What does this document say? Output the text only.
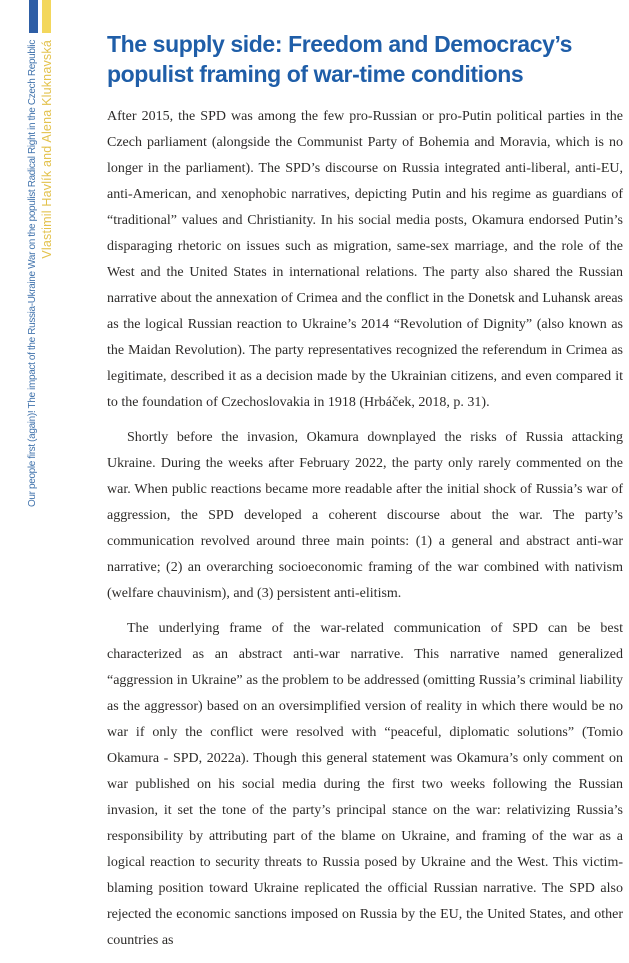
Our people first (again)! The impact of the Russia-Ukraine War on the populist Radical Right in the Czech Republic Vlastimil Havlík and Alena Kluknavská The supply side: Freedom and Democracy’s populist framing of war-time conditions

After 2015, the SPD was among the few pro-Russian or pro-Putin political parties in the Czech parliament (alongside the Communist Party of Bohemia and Moravia, which is no longer in the parliament). The SPD’s discourse on Russia integrated anti-liberal, anti-EU, anti-American, and xenophobic narratives, depicting Putin and his regime as guardians of “traditional” values and Christianity. In his social media posts, Okamura endorsed Putin’s disparaging rhetoric on issues such as migration, same-sex marriage, and the role of the West and the United States in international relations. The party also shared the Russian narrative about the annexation of Crimea and the conflict in the Donetsk and Luhansk areas as the logical Russian reaction to Ukraine’s 2014 “Revolution of Dignity” (also known as the Maidan Revolution). The party representatives recognized the referendum in Crimea as legitimate, described it as a decision made by the Ukrainian citizens, and even compared it to the foundation of Czechoslovakia in 1918 (Hrbáček, 2018, p. 31).

Shortly before the invasion, Okamura downplayed the risks of Russia attacking Ukraine. During the weeks after February 2022, the party only rarely commented on the war. When public reactions became more readable after the initial shock of Russia’s war of aggression, the SPD developed a coherent discourse about the war. The party’s communication revolved around three main points: (1) a general and abstract anti-war narrative; (2) an overarching socioeconomic framing of the war combined with nativism (welfare chauvinism), and (3) persistent anti-elitism.

The underlying frame of the war-related communication of SPD can be best characterized as an abstract anti-war narrative. This narrative named generalized “aggression in Ukraine” as the problem to be addressed (omitting Russia’s criminal liability as the aggressor) based on an oversimplified version of reality in which there would be no war if only the conflict were resolved with “peaceful, diplomatic solutions” (Tomio Okamura - SPD, 2022a). Though this general statement was Okamura’s only comment on war published on his social media during the first two weeks following the Russian invasion, it set the tone of the party’s principal stance on the war: relativizing Russia’s responsibility by attributing part of the blame on Ukraine, and framing of the war as a logical reaction to security threats to Russia posed by Ukraine and the West. This victim-blaming position toward Ukraine replicated the official Russian narrative. The SPD also rejected the economic sanctions imposed on Russia by the EU, the United States, and other countries as
